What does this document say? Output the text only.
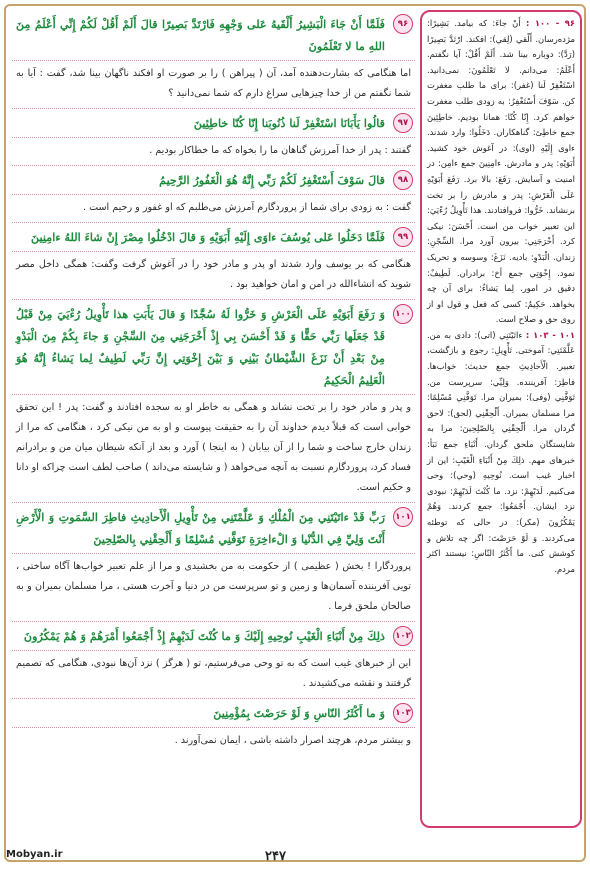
۹۶
فَلَمَّا أَنْ جَاءَ الْبَشِيرُ أَلْقَيهُ عَلى وَجْهِهِ فَارْتَدَّ بَصِيرًا قالَ أَلَمْ أَقُلْ لَكُمْ إِنِّي أَعْلَمُ مِنَ اللهِ ما لا تَعْلَمُونَ

اما هنگامی که بشارت‌دهنده آمد، آن ( پیراهن ) را بر صورت او افکند ناگهان بینا شد، گفت : آیا به شما نگفتم من از خدا چیزهایی سراغ دارم که شما نمی‌دانید ؟

۹۷
قالُوا يَأَبَانَا اسْتَغْفِرْ لَنا ذُنُوبَنا إِنّا كُنّا خاطِئِينَ

گفتند : پدر از خدا آمرزش گناهان ما را بخواه که ما خطاکار بودیم .

۹۸
قالَ سَوْفَ أَسْتَغْفِرُ لَكُمْ رَبِّي إِنَّهُ هُوَ الْغَفُورُ الرَّحِيمُ

گفت : به زودی برای شما از پروردگارم آمرزش می‌طلبم که او غفور و رحیم است .

۹۹
فَلَمَّا دَخَلُوا عَلى يُوسُفَ ءاوَى إِلَيْهِ أَبَوَيْهِ وَ قالَ ادْخُلُوا مِصْرَ إِنْ شاءَ اللهُ ءامِنِينَ

هنگامی که بر یوسف وارد شدند او پدر و مادر خود را در آغوش گرفت وگفت: همگی داخل مصر شوید که انشاءالله در امن و امان خواهید بود .

۱۰۰
وَ رَفَعَ أَبَوَيْهِ عَلَى الْعَرْشِ وَ خَرُّوا لَهُ سُجَّدًا وَ قالَ يَأَبَتِ هذا تَأْوِيلُ رُءْيَيَ مِنْ قَبْلُ قَدْ جَعَلَها رَبِّي حَقًّا وَ قَدْ أَحْسَنَ بِي إِذْ أَخْرَجَنِي مِنَ السِّجْنِ وَ جاءَ بِكُمْ مِنَ الْبَدْوِ مِنْ بَعْدِ أَنْ نَزَغَ الشَّيْطانُ بَيْنِي وَ بَيْنَ إِخْوَتِي إِنَّ رَبِّي لَطِيفٌ لِما يَشاءُ إِنَّهُ هُوَ الْعَلِيمُ الْحَكِيمُ

و پدر و مادر خود را بر تخت نشاند و همگی به خاطر او به سجده افتادند و گفت: پدر ! این تحقق خوابی است که قبلاً دیدم خداوند آن را به حقیقت پیوست و او به‌ من نیکی کرد ، هنگامی که مرا از زندان خارج ساخت و شما را از آن بیابان ( به اینجا ) آورد و بعد از آنکه شیطان میان من و برادرانم فساد کرد، پروردگارم نسبت به آنچه می‌خواهد ( و شایسته می‌داند ) صاحب لطف است چراکه او دانا و حکیم است.

۱۰۱
رَبِّ قَدْ ءاتَيْتَنِي مِنَ الْمُلْكِ وَ عَلَّمْتَنِي مِنْ تَأْوِيلِ الْأَحادِيثِ فاطِرَ السَّمَوتِ وَ الْأَرْضِ أَنْتَ وَلِيِّ فِي الدُّنْيا وَ الْءاخِرَةِ تَوَفَّنِي مُسْلِمًا وَ أَلْحِقْنِي بِالصّلِحِينَ

پروردگارا ! بخش ( عظیمی ) از حکومت به من بخشیدی و مرا از علم تعبیر خواب‌ها آگاه ساختی ، تویی آفریننده آسمان‌ها و زمین و تو سرپرست من در دنیا و آخرت هستی ، مرا مسلمان بمیران و به صالحان ملحق فرما .

۱۰۲
ذلِكَ مِنْ أَنْبَاءِ الْغَيْبِ نُوحِيهِ إِلَيْكَ وَ ما كُنْتَ لَدَيْهِمْ إِذْ أَجْمَعُوا أَمْرَهُمْ وَ هُمْ يَمْكُرُونَ

این از خبرهای غیب است که به تو وحی می‌فرستیم، تو ( هرگز ) نزد آن‌ها نبودی، هنگامی که تصمیم گرفتند و نقشه می‌کشیدند .

۱۰۳
وَ ما أَكْثَرُ النّاسِ وَ لَوْ حَرَصْتَ بِمُؤْمِنِينَ

و بیشتر مردم، هرچند اصرار داشته باشی ، ایمان نمی‌آورند .

۹۶ - ۱۰۰ : أَنْ جاءَ: که بیامد. بَشِيرًا: مژده‌رسان. أَلْقي (لِقي): افکند. ارْتَدَّ بَصِيرًا (رَدَّ): دوباره بینا شد. أَلَمْ أَقُلْ: آیا نگفتم. أَعْلَمُ: می‌دانم. لا تَعْلَمُونَ: نمی‌دانید. اسْتَغْفِرْ لَنا (غفر): برای ما طلب مغفرت کن. سَوْفَ أَسْتَغْفِرُ: به زودی طلب مغفرت خواهم کرد. إِنّا كُنّا: همانا بودیم. خاطِئِينَ جمع خاطِئ: گناهکاران. دَخَلُوا: وارد شدند. ءاوى إِلَيْهِ (اوى): در آغوش خود کشید. أَبَوَيْهِ: پدر و مادرش. ءامِنِينَ جمع ءامِن: در امنیت و آسایش. رَفَعَ: بالا برد. رَفَعَ أَبَوَيْهِ عَلَى الْعَرْشِ: پدر و مادرش را بر تخت برنشاند. خَرُّوا: فروافتادند. هذا تَأْوِيلُ رُءْيَيَ: این تعبیر خواب من است. أَحْسَنَ: نیکی کرد. أَخْرَجَنِي: بیرون آورد مرا. السِّجْنِ: زندان. الْبَدْوِ: بادیه. نَزَغَ: وسوسه و تحریک نمود. إِخْوَتِي جمع أخ: برادران. لَطِيفٌ: دقیق در امور. لِما يَشاءُ: برای آن چه بخواهد. حَكِيمٌ: کسی که فعل و قول او از روی حق و صلاح است.
۱۰۱ - ۱۰۳ : ءاتَيْتَنِي (اتی): دادی به من. عَلَّمْتَنِي: آموختی. تَأْوِيلِ: رجوع و بازگشت، تعبیر. الْأَحادِيثِ جمع حديث: خواب‌ها. فاطِرَ: آفریننده. وَلِيِّي: سرپرست من. تَوَفَّنِي (وفى): بمیران مرا. تَوَفَّنِي مُسْلِمًا: مرا مسلمان بمیران. أَلْحِقْنِي (لحق): لاحق گردان مرا. أَلْحِقْنِي بِالصّلِحِينَ: مرا به شایستگان ملحق گردان. أَنْبَاءِ جمع نَبَأ: خبرهای مهم. ذلِكَ مِنْ أَنْبَاءِ الْغَيْبِ: این از اخبار غیب است. نُوحِيهِ (وحي): وحی می‌کنیم. لَدَيْهِمْ: نزد. ما كُنْتَ لَدَيْهِمْ: نبودی نزد ایشان. أَجْمَعُوا: جمع کردند. وَهُمْ يَمْكُرُونَ (مكر): در حالی که توطئه می‌کردند. وَ لَوْ حَرَصْتَ: اگر چه تلاش و کوشش کنی. ما أَكْثَرُ النّاسِ: نیستند اکثر مردم.
۲۴۷
Mobyan.ir
